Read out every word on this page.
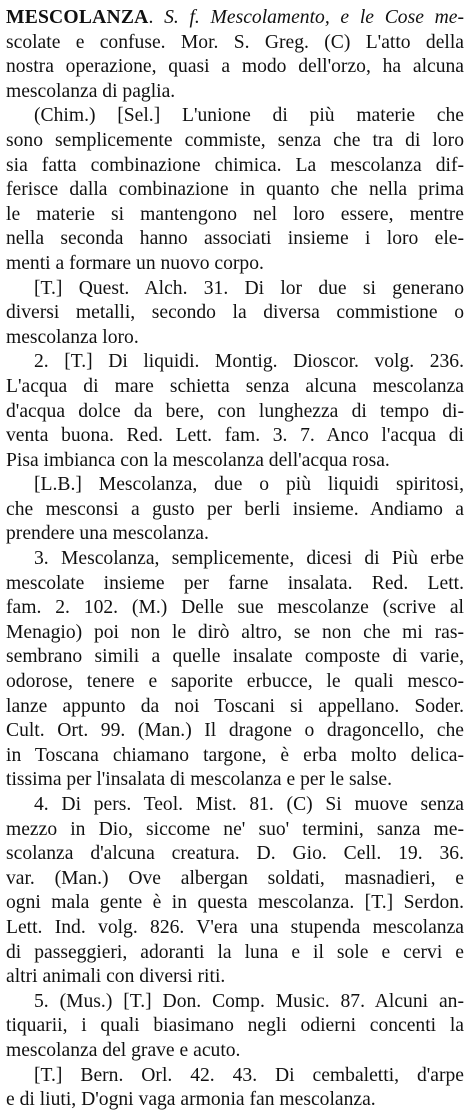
MESCOLANZA. S. f. Mescolamento, e le Cose me-
scolate e confuse. Mor. S. Greg. (C) L'atto della
nostra operazione, quasi a modo dell'orzo, ha alcuna
mescolanza di paglia.
(Chim.) [Sel.] L'unione di più materie che
sono semplicemente commiste, senza che tra di loro
sia fatta combinazione chimica. La mescolanza dif-
ferisce dalla combinazione in quanto che nella prima
le materie si mantengono nel loro essere, mentre
nella seconda hanno associati insieme i loro ele-
menti a formare un nuovo corpo.
[T.] Quest. Alch. 31. Di lor due si generano
diversi metalli, secondo la diversa commistione o
mescolanza loro.
2. [T.] Di liquidi. Montig. Dioscor. volg. 236.
L'acqua di mare schietta senza alcuna mescolanza
d'acqua dolce da bere, con lunghezza di tempo di-
venta buona. Red. Lett. fam. 3. 7. Anco l'acqua di
Pisa imbianca con la mescolanza dell'acqua rosa.
[L.B.] Mescolanza, due o più liquidi spiritosi,
che mesconsi a gusto per berli insieme. Andiamo a
prendere una mescolanza.
3. Mescolanza, semplicemente, dicesi di Più erbe
mescolate insieme per farne insalata. Red. Lett.
fam. 2. 102. (M.) Delle sue mescolanze (scrive al
Menagio) poi non le dirò altro, se non che mi ras-
sembrano simili a quelle insalate composte di varie,
odorose, tenere e saporite erbucce, le quali mesco-
lanze appunto da noi Toscani si appellano. Soder.
Cult. Ort. 99. (Man.) Il dragone o dragoncello, che
in Toscana chiamano targone, è erba molto delica-
tissima per l'insalata di mescolanza e per le salse.
4. Di pers. Teol. Mist. 81. (C) Si muove senza
mezzo in Dio, siccome ne' suo' termini, sanza me-
scolanza d'alcuna creatura. D. Gio. Cell. 19. 36.
var. (Man.) Ove albergan soldati, masnadieri, e
ogni mala gente è in questa mescolanza. [T.] Serdon.
Lett. Ind. volg. 826. V'era una stupenda mescolanza
di passeggieri, adoranti la luna e il sole e cervi e
altri animali con diversi riti.
5. (Mus.) [T.] Don. Comp. Music. 87. Alcuni an-
tiquarii, i quali biasimano negli odierni concenti la
mescolanza del grave e acuto.
[T.] Bern. Orl. 42. 43. Di cembaletti, d'arpe
e di liuti, D'ogni vaga armonia fan mescolanza.
